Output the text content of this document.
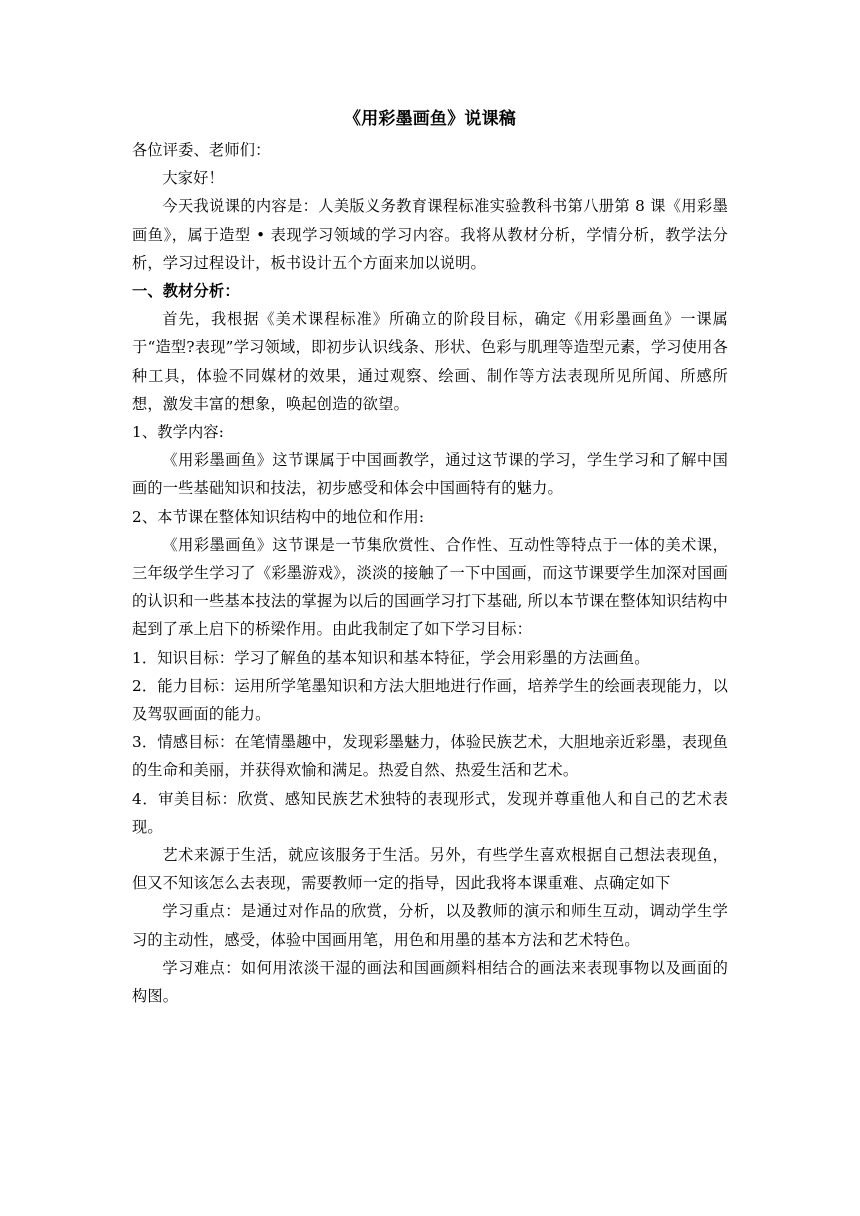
《用彩墨画鱼》说课稿

各位评委、老师们：

大家好！

今天我说课的内容是：人美版义务教育课程标准实验教科书第八册第 8 课《用彩墨画鱼》，属于造型 • 表现学习领域的学习内容。我将从教材分析，学情分析，教学法分析，学习过程设计，板书设计五个方面来加以说明。

一、教材分析：

首先，我根据《美术课程标准》所确立的阶段目标，确定《用彩墨画鱼》一课属于“造型?表现”学习领域，即初步认识线条、形状、色彩与肌理等造型元素，学习使用各种工具，体验不同媒材的效果，通过观察、绘画、制作等方法表现所见所闻、所感所想，激发丰富的想象，唤起创造的欲望。

1、教学内容:

《用彩墨画鱼》这节课属于中国画教学，通过这节课的学习，学生学习和了解中国画的一些基础知识和技法，初步感受和体会中国画特有的魅力。

2、本节课在整体知识结构中的地位和作用:

《用彩墨画鱼》这节课是一节集欣赏性、合作性、互动性等特点于一体的美术课，三年级学生学习了《彩墨游戏》，淡淡的接触了一下中国画，而这节课要学生加深对国画的认识和一些基本技法的掌握为以后的国画学习打下基础, 所以本节课在整体知识结构中起到了承上启下的桥梁作用。由此我制定了如下学习目标：

1．知识目标：学习了解鱼的基本知识和基本特征，学会用彩墨的方法画鱼。

2．能力目标：运用所学笔墨知识和方法大胆地进行作画，培养学生的绘画表现能力，以及驾驭画面的能力。

3．情感目标：在笔情墨趣中，发现彩墨魅力，体验民族艺术，大胆地亲近彩墨，表现鱼的生命和美丽，并获得欢愉和满足。热爱自然、热爱生活和艺术。

4．审美目标：欣赏、感知民族艺术独特的表现形式，发现并尊重他人和自己的艺术表现。

艺术来源于生活，就应该服务于生活。另外，有些学生喜欢根据自己想法表现鱼，但又不知该怎么去表现，需要教师一定的指导，因此我将本课重难、点确定如下

学习重点：是通过对作品的欣赏，分析，以及教师的演示和师生互动，调动学生学习的主动性，感受，体验中国画用笔，用色和用墨的基本方法和艺术特色。

学习难点：如何用浓淡干湿的画法和国画颜料相结合的画法来表现事物以及画面的构图。
